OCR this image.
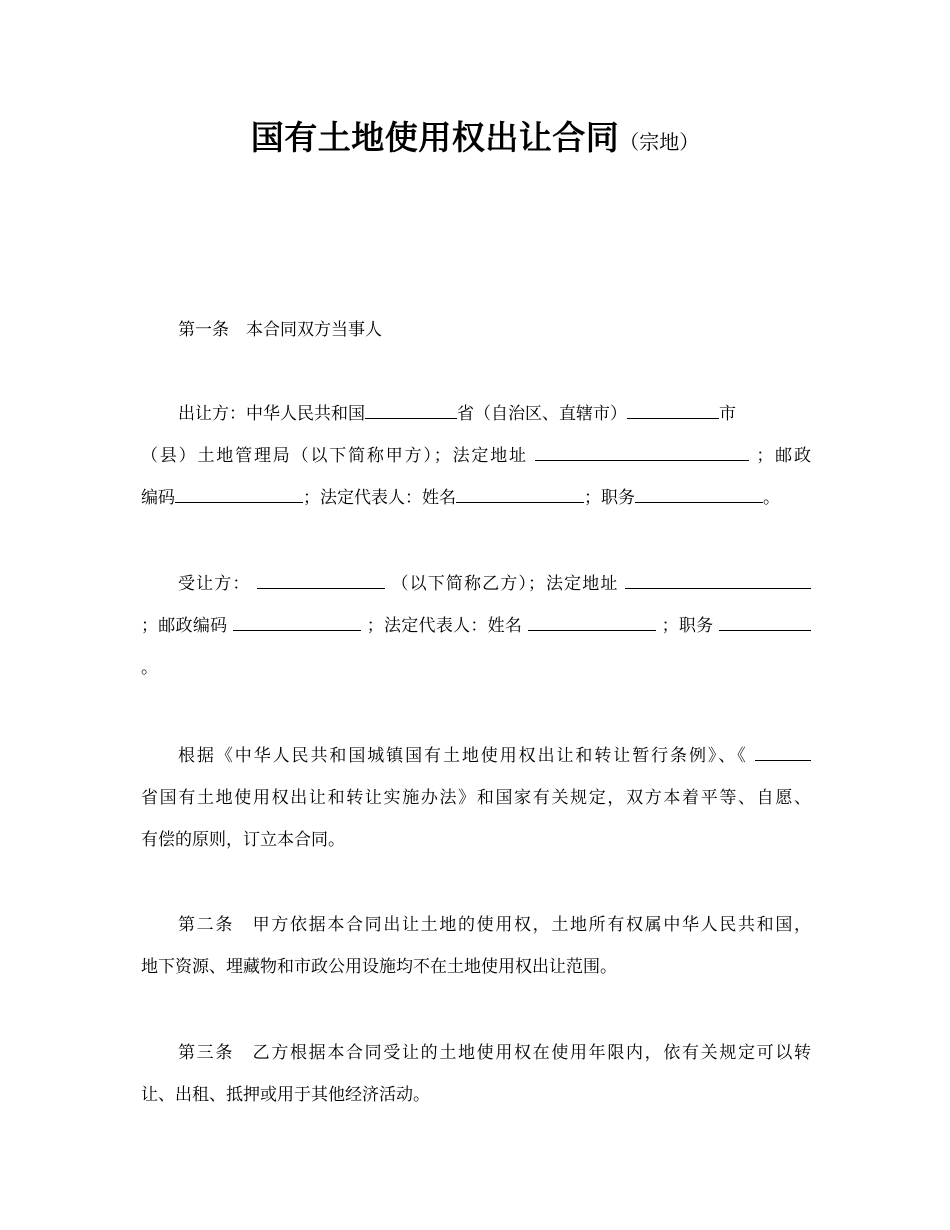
国有土地使用权出让合同（宗地）
第一条　本合同双方当事人
出让方：中华人民共和国	省（自治区、直辖市）	市
（县）土地管理局（以下简称甲方）；法定地址	；邮政
编码	；法定代表人：姓名	；职务	。
受让方：	（以下简称乙方）；法定地址
；邮政编码	；法定代表人：姓名	；职务
。
根据《中华人民共和国城镇国有土地使用权出让和转让暂行条例》、《
省国有土地使用权出让和转让实施办法》和国家有关规定，双方本着平等、自愿、
有偿的原则，订立本合同。
第二条　甲方依据本合同出让土地的使用权，土地所有权属中华人民共和国，
地下资源、埋藏物和市政公用设施均不在土地使用权出让范围。
第三条　乙方根据本合同受让的土地使用权在使用年限内，依有关规定可以转
让、出租、抵押或用于其他经济活动。
